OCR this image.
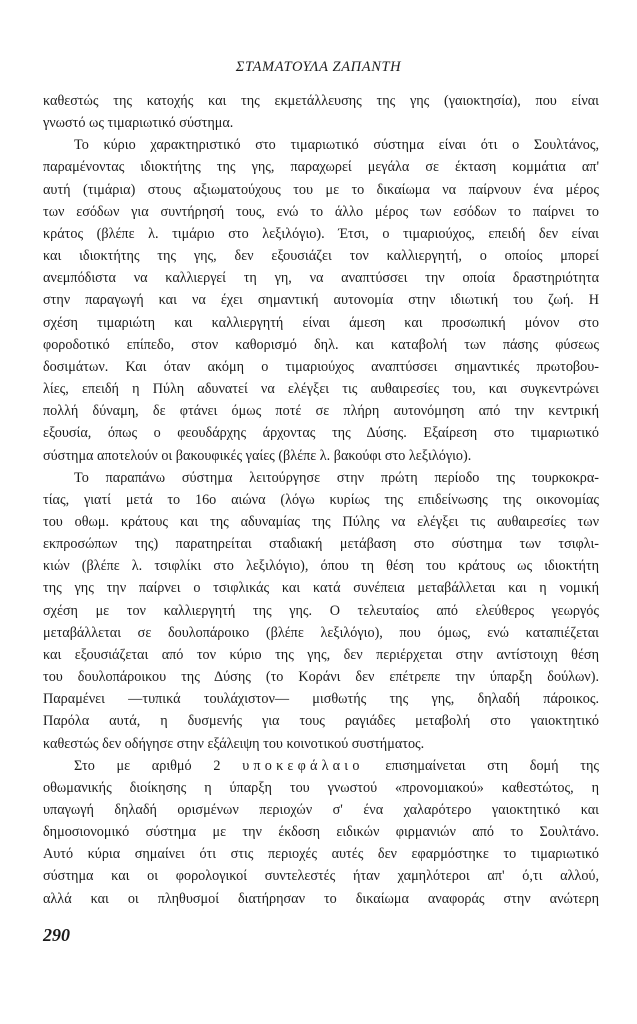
ΣΤΑΜΑΤΟΥΛΑ ΖΑΠΑΝΤΗ
καθεστώς της κατοχής και της εκμετάλλευσης της γης (γαιοκτησία), που είναι
γνωστό ως τιμαριωτικό σύστημα.
Το κύριο χαρακτηριστικό στο τιμαριωτικό σύστημα είναι ότι ο Σουλτάνος,
παραμένοντας ιδιοκτήτης της γης, παραχωρεί μεγάλα σε έκταση κομμάτια απ'
αυτή (τιμάρια) στους αξιωματούχους του με το δικαίωμα να παίρνουν ένα μέρος
των εσόδων για συντήρησή τους, ενώ το άλλο μέρος των εσόδων το παίρνει το
κράτος (βλέπε λ. τιμάριο στο λεξιλόγιο). Έτσι, ο τιμαριούχος, επειδή δεν είναι
και ιδιοκτήτης της γης, δεν εξουσιάζει τον καλλιεργητή, ο οποίος μπορεί
ανεμπόδιστα να καλλιεργεί τη γη, να αναπτύσσει την οποία δραστηριότητα
στην παραγωγή και να έχει σημαντική αυτονομία στην ιδιωτική του ζωή. Η
σχέση τιμαριώτη και καλλιεργητή είναι άμεση και προσωπική μόνον στο
φοροδοτικό επίπεδο, στον καθορισμό δηλ. και καταβολή των πάσης φύσεως
δοσιμάτων. Και όταν ακόμη ο τιμαριούχος αναπτύσσει σημαντικές πρωτοβου-
λίες, επειδή η Πύλη αδυνατεί να ελέγξει τις αυθαιρεσίες του, και συγκεντρώνει
πολλή δύναμη, δε φτάνει όμως ποτέ σε πλήρη αυτονόμηση από την κεντρική
εξουσία, όπως ο φεουδάρχης άρχοντας της Δύσης. Εξαίρεση στο τιμαριωτικό
σύστημα αποτελούν οι βακουφικές γαίες (βλέπε λ. βακούφι στο λεξιλόγιο).
Το παραπάνω σύστημα λειτούργησε στην πρώτη περίοδο της τουρκοκρα-
τίας, γιατί μετά το 16ο αιώνα (λόγω κυρίως της επιδείνωσης της οικονομίας
του οθωμ. κράτους και της αδυναμίας της Πύλης να ελέγξει τις αυθαιρεσίες των
εκπροσώπων της) παρατηρείται σταδιακή μετάβαση στο σύστημα των τσιφλι-
κιών (βλέπε λ. τσιφλίκι στο λεξιλόγιο), όπου τη θέση του κράτους ως ιδιοκτήτη
της γης την παίρνει ο τσιφλικάς και κατά συνέπεια μεταβάλλεται και η νομική
σχέση με τον καλλιεργητή της γης. Ο τελευταίος από ελεύθερος γεωργός
μεταβάλλεται σε δουλοπάροικο (βλέπε λεξιλόγιο), που όμως, ενώ καταπιέζεται
και εξουσιάζεται από τον κύριο της γης, δεν περιέρχεται στην αντίστοιχη θέση
του δουλοπάροικου της Δύσης (το Κοράνι δεν επέτρεπε την ύπαρξη δούλων).
Παραμένει —τυπικά τουλάχιστον— μισθωτής της γης, δηλαδή πάροικος.
Παρόλα αυτά, η δυσμενής για τους ραγιάδες μεταβολή στο γαιοκτητικό
καθεστώς δεν οδήγησε στην εξάλειψη του κοινοτικού συστήματος.
Στο με αριθμό 2 υποκεφάλαιο επισημαίνεται στη δομή της
οθωμανικής διοίκησης η ύπαρξη του γνωστού «προνομιακού» καθεστώτος, η
υπαγωγή δηλαδή ορισμένων περιοχών σ' ένα χαλαρότερο γαιοκτητικό και
δημοσιονομικό σύστημα με την έκδοση ειδικών φιρμανιών από το Σουλτάνο.
Αυτό κύρια σημαίνει ότι στις περιοχές αυτές δεν εφαρμόστηκε το τιμαριωτικό
σύστημα και οι φορολογικοί συντελεστές ήταν χαμηλότεροι απ' ό,τι αλλού,
αλλά και οι πληθυσμοί διατήρησαν το δικαίωμα αναφοράς στην ανώτερη
290
